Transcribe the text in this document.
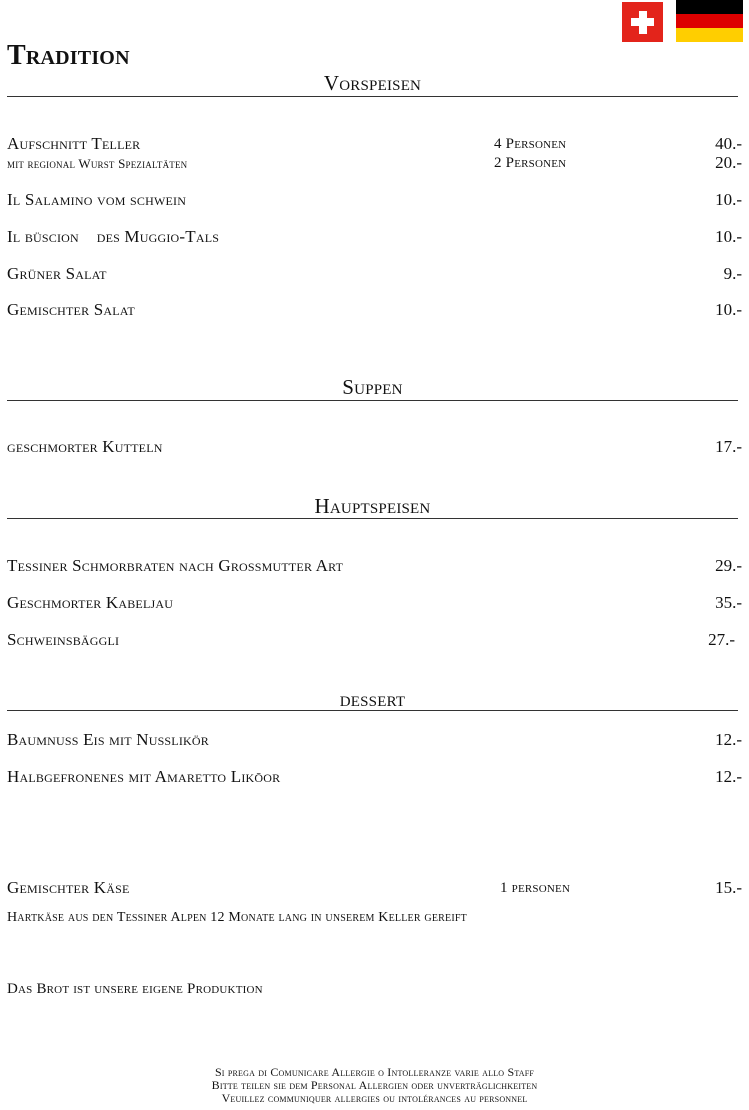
Tradition
Vorspeisen
Aufschnitt Teller	4 Personen	40.-
mit regional Wurst Spezialtäten	2 Personen	20.-
Il Salamino vom schwein	10.-
Il büscion    des Muggio-Tals	10.-
Grüner Salat	9.-
Gemischter Salat	10.-
Suppen
geschmorter Kutteln	17.-
Hauptspeisen
Tessiner Schmorbraten nach Grossmutter Art	29.-
Geschmorter Kabeljau	35.-
Schweinsbäggli	27.-
dessert
Baumnuss Eis mit Nusslikör	12.-
Halbgefronenes mit Amaretto Likōor	12.-
Gemischter Käse	1 personen	15.-
Hartkäse aus den Tessiner Alpen 12 Monate lang in unserem Keller gereift
Das Brot ist unsere eigene Produktion
Si prega di Comunicare Allergie o Intolleranze varie allo Staff
Bitte teilen sie dem Personal Allergien oder unverträglichkeiten
Veuillez communiquer allergies ou intolérances au personnel
